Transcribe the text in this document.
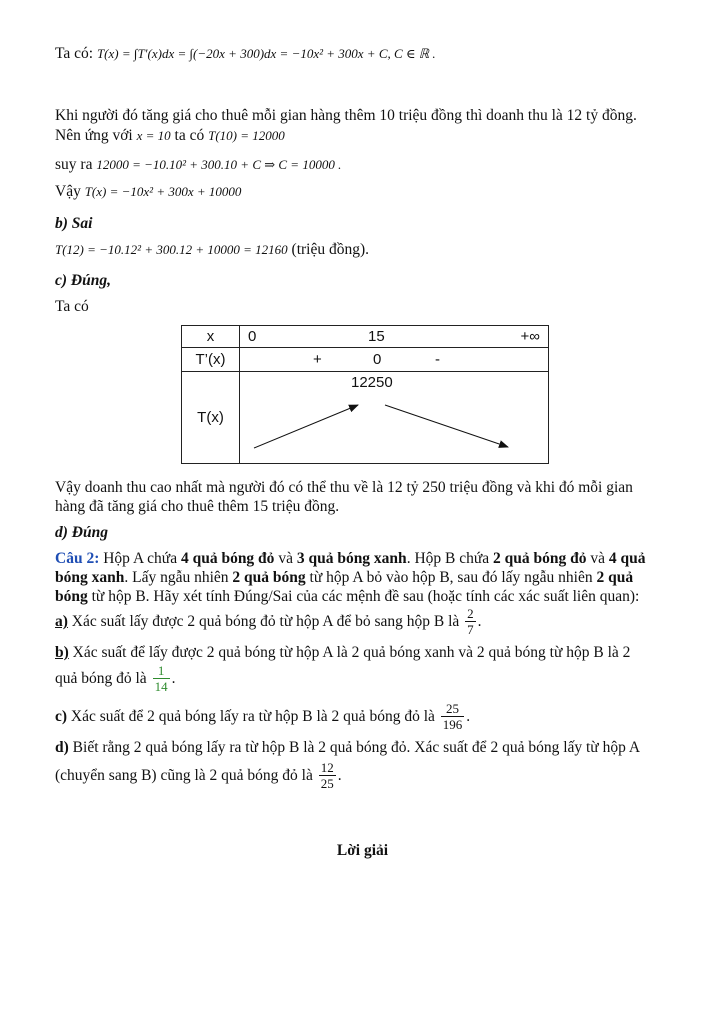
Ta có: T(x) = ∫T′(x)dx = ∫(−20x + 300)dx = −10x² + 300x + C, C ∈ ℝ .
Khi người đó tăng giá cho thuê mỗi gian hàng thêm 10 triệu đồng thì doanh thu là 12 tỷ đồng.
Nên ứng với x = 10 ta có T(10) = 12000
suy ra 12000 = −10.10² + 300.10 + C ⇒ C = 10000 .
Vậy T(x) = −10x² + 300x + 10000
b) Sai
T(12) = −10.12² + 300.12 + 10000 = 12160 (triệu đồng).
c) Đúng,
Ta có
x	0 15 +∞

T’(x)	+ 0 -

T(x)	12250
Vậy doanh thu cao nhất mà người đó có thể thu về là 12 tỷ 250 triệu đồng và khi đó mỗi gian
hàng đã tăng giá cho thuê thêm 15 triệu đồng.
d) Đúng
Câu 2: Hộp A chứa 4 quả bóng đỏ và 3 quả bóng xanh. Hộp B chứa 2 quả bóng đỏ và 4 quả
bóng xanh. Lấy ngẫu nhiên 2 quả bóng từ hộp A bỏ vào hộp B, sau đó lấy ngẫu nhiên 2 quả
bóng từ hộp B. Hãy xét tính Đúng/Sai của các mệnh đề sau (hoặc tính các xác suất liên quan):
a) Xác suất lấy được 2 quả bóng đỏ từ hộp A để bỏ sang hộp B là $\frac{2}{7}$ .
b) Xác suất để lấy được 2 quả bóng từ hộp A là 2 quả bóng xanh và 2 quả bóng từ hộp B là 2
quả bóng đỏ là $\frac{1}{14}$ .
c) Xác suất để 2 quả bóng lấy ra từ hộp B là 2 quả bóng đỏ là $\frac{25}{196}$ .
d) Biết rằng 2 quả bóng lấy ra từ hộp B là 2 quả bóng đỏ. Xác suất để 2 quả bóng lấy từ hộp A
(chuyển sang B) cũng là 2 quả bóng đỏ là $\frac{12}{25}$ .
Lời giải
